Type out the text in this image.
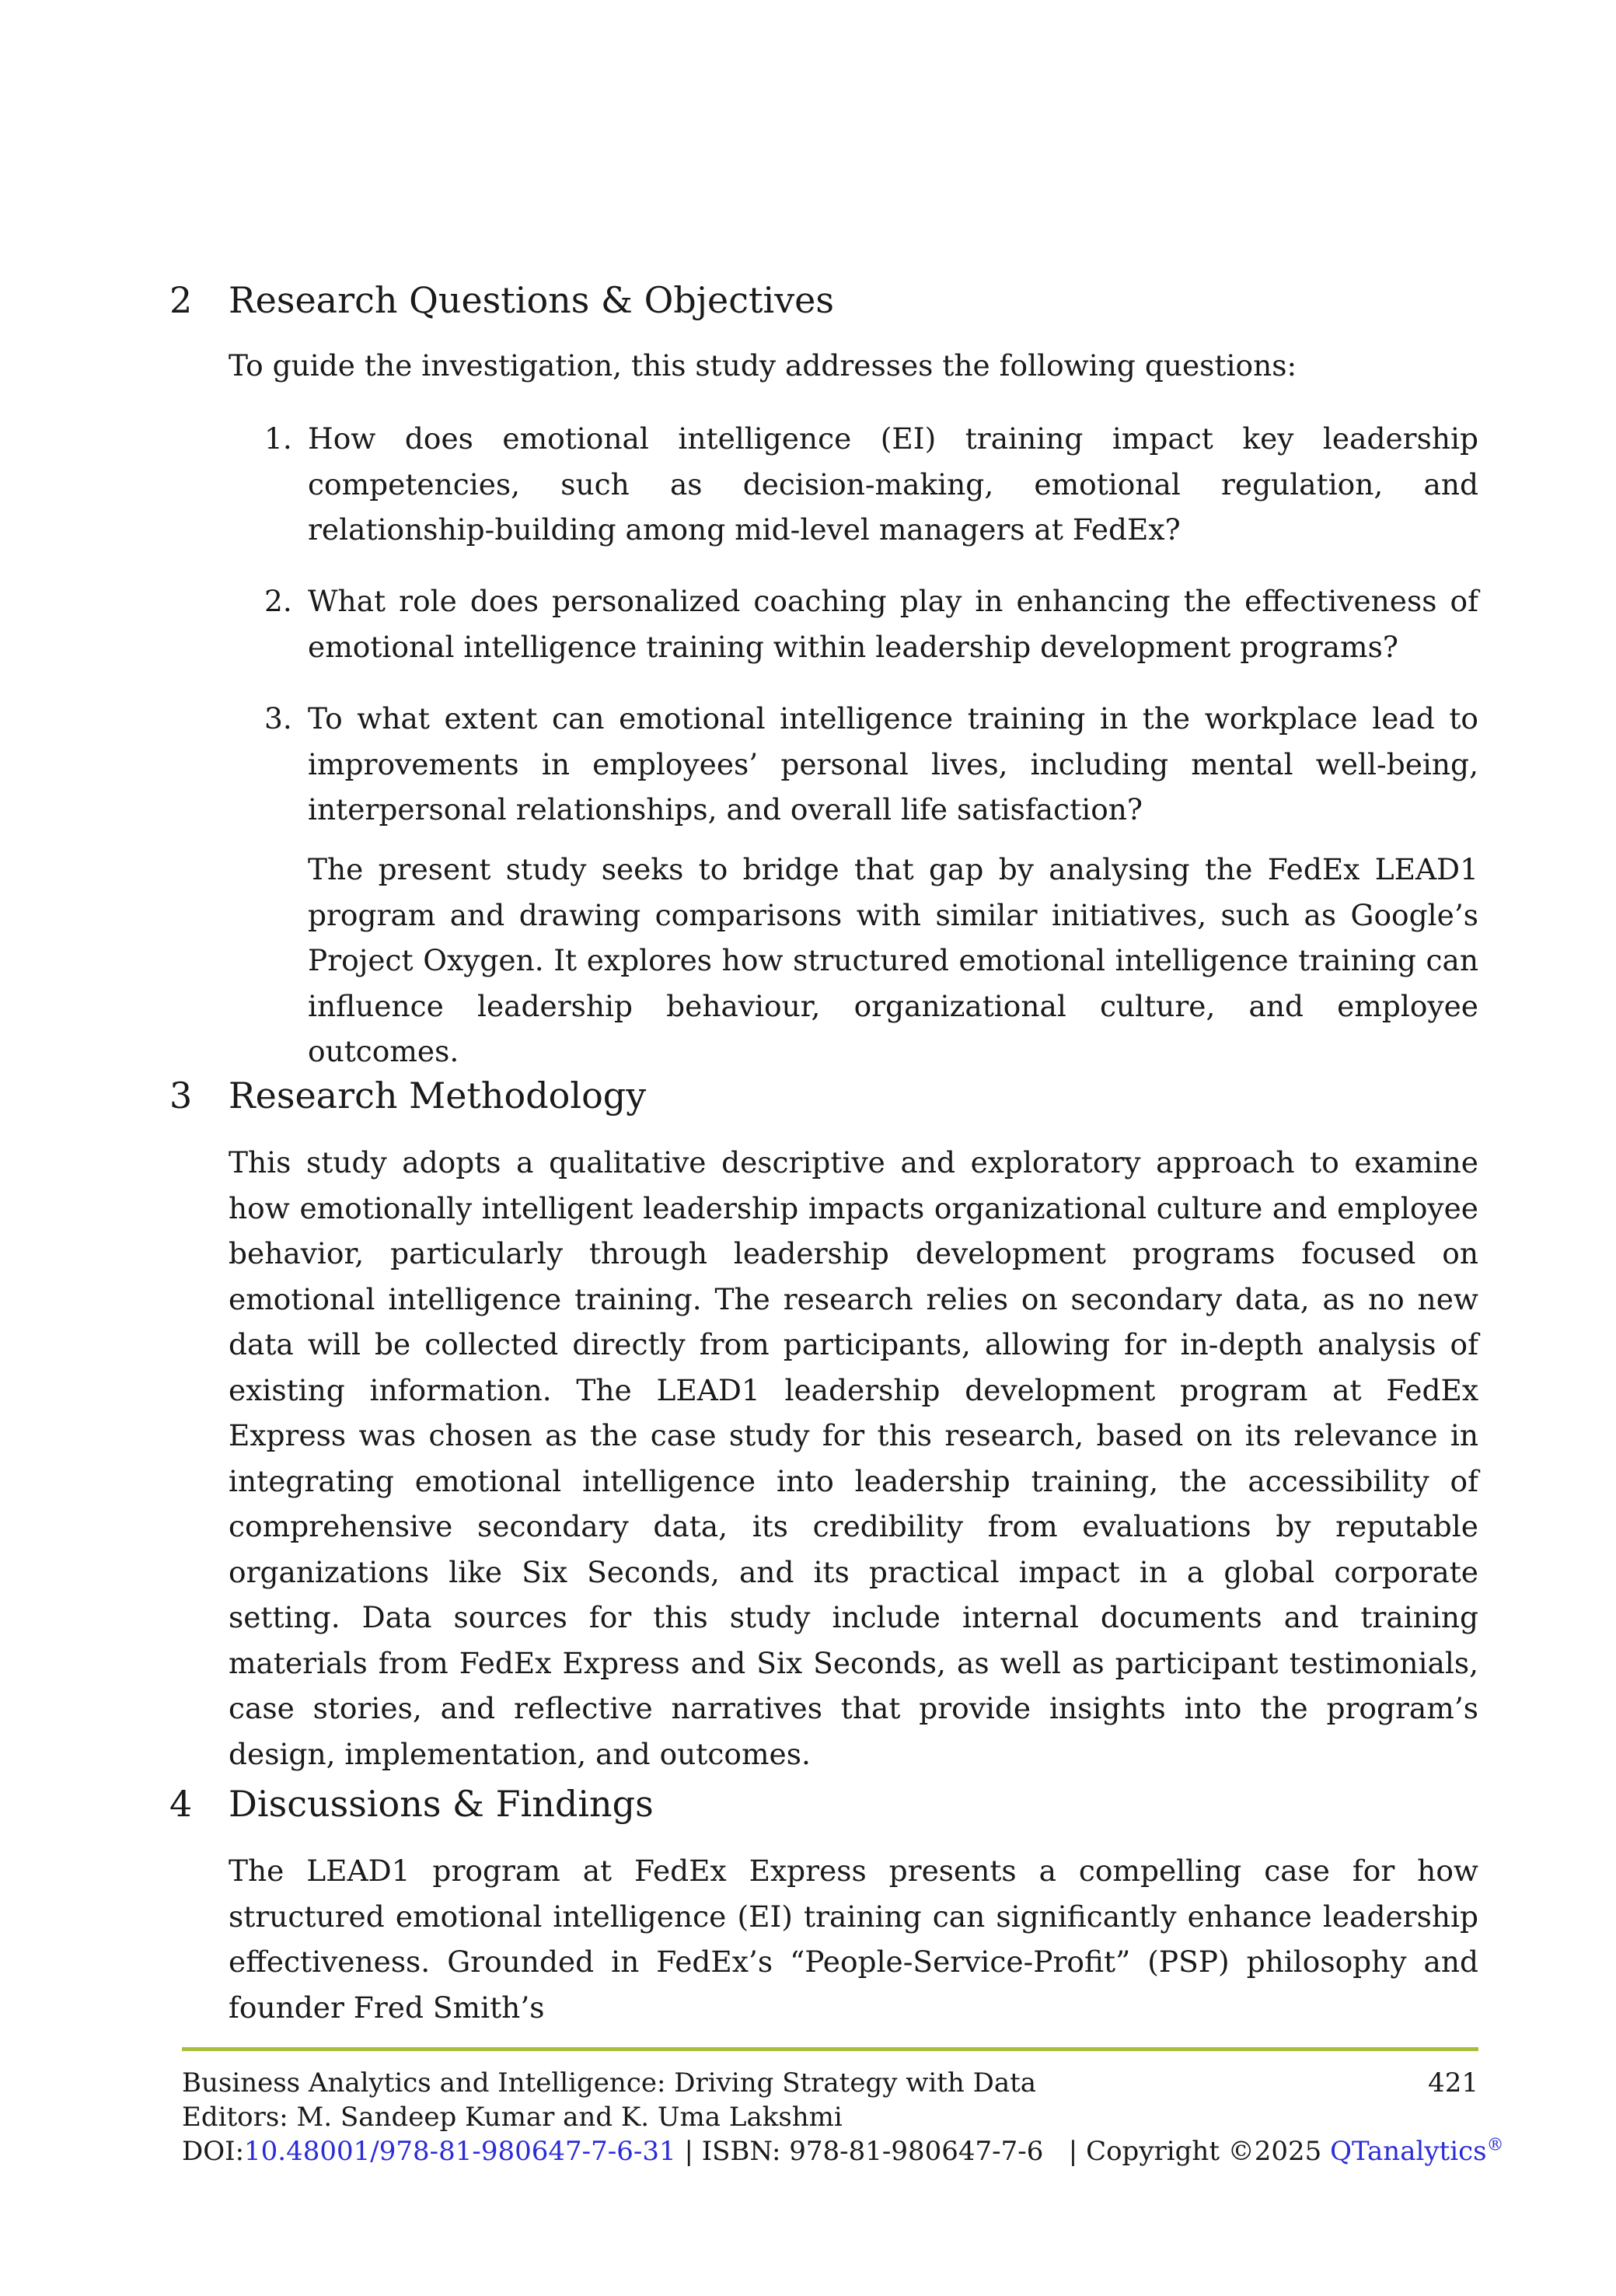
2 Research Questions & Objectives

To guide the investigation, this study addresses the following questions:

1. How does emotional intelligence (EI) training impact key leadership competencies, such as decision-making, emotional regulation, and relationship-building among mid-level managers at FedEx?

2. What role does personalized coaching play in enhancing the effectiveness of emotional intelligence training within leadership development programs?

3. To what extent can emotional intelligence training in the workplace lead to improvements in employees’ personal lives, including mental well-being, interpersonal relationships, and overall life satisfaction?

The present study seeks to bridge that gap by analysing the FedEx LEAD1 program and drawing comparisons with similar initiatives, such as Google’s Project Oxygen. It explores how structured emotional intelligence training can influence leadership behaviour, organizational culture, and employee outcomes.

3 Research Methodology

This study adopts a qualitative descriptive and exploratory approach to examine how emotionally intelligent leadership impacts organizational culture and employee behavior, particularly through leadership development programs focused on emotional intelligence training. The research relies on secondary data, as no new data will be collected directly from participants, allowing for in-depth analysis of existing information. The LEAD1 leadership development program at FedEx Express was chosen as the case study for this research, based on its relevance in integrating emotional intelligence into leadership training, the accessibility of comprehensive secondary data, its credibility from evaluations by reputable organizations like Six Seconds, and its practical impact in a global corporate setting. Data sources for this study include internal documents and training materials from FedEx Express and Six Seconds, as well as participant testimonials, case stories, and reflective narratives that provide insights into the program’s design, implementation, and outcomes.

4 Discussions & Findings

The LEAD1 program at FedEx Express presents a compelling case for how structured emotional intelligence (EI) training can significantly enhance leadership effectiveness. Grounded in FedEx’s “People-Service-Profit” (PSP) philosophy and founder Fred Smith’s

Business Analytics and Intelligence: Driving Strategy with Data	421
Editors: M. Sandeep Kumar and K. Uma Lakshmi
DOI:10.48001/978-81-980647-7-6-31 | ISBN: 978-81-980647-7-6   | Copyright ©2025 QTanalytics®
